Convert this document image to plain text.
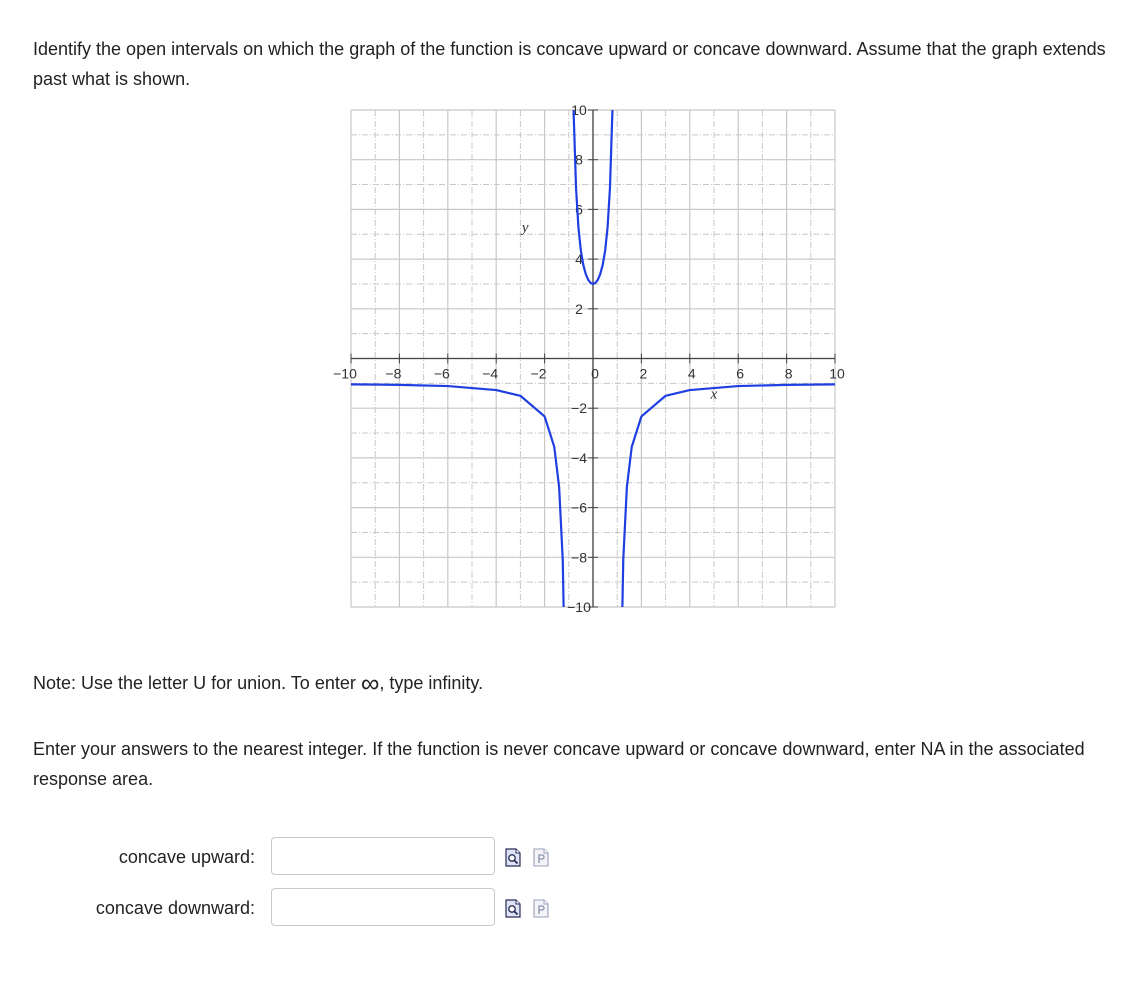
Identify the open intervals on which the graph of the function is concave upward or concave downward. Assume that the graph extends past what is shown.

−10 −8 −6 −4 −2	0	2	4	6	8	10
10
8
6
4
2
−2
−4
−6
−8
−10
x
y

Note: Use the letter U for union. To enter ∞, type infinity.

Enter your answers to the nearest integer. If the function is never concave upward or concave downward, enter NA in the associated response area.

concave upward:
concave downward:
